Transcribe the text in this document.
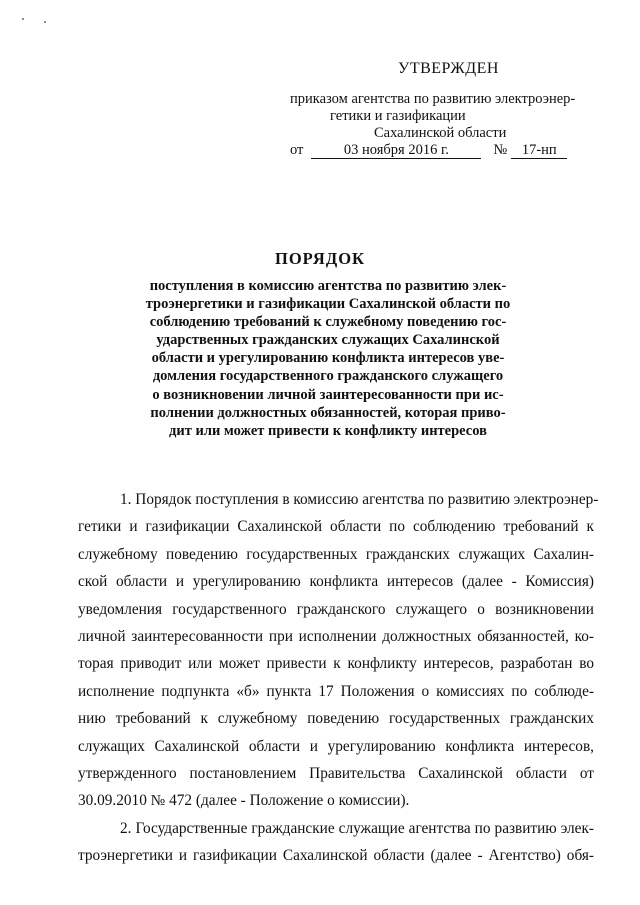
УТВЕРЖДЕН
приказом агентства по развитию электроэнер-
гетики и газификации
Сахалинской области
от	03 ноября 2016 г.	№ 17-нп
ПОРЯДОК
поступления в комиссию агентства по развитию элек-
троэнергетики и газификации Сахалинской области по
соблюдению требований к служебному поведению гос-
ударственных гражданских служащих Сахалинской
области и урегулированию конфликта интересов уве-
домления государственного гражданского служащего
о возникновении личной заинтересованности при ис-
полнении должностных обязанностей, которая приво-
дит или может привести к конфликту интересов
1. Порядок поступления в комиссию агентства по развитию электроэнер-
гетики и газификации Сахалинской области по соблюдению требований к
служебному поведению государственных гражданских служащих Сахалин-
ской области и урегулированию конфликта интересов (далее - Комиссия)
уведомления государственного гражданского служащего о возникновении
личной заинтересованности при исполнении должностных обязанностей, ко-
торая приводит или может привести к конфликту интересов, разработан во
исполнение подпункта «б» пункта 17 Положения о комиссиях по соблюде-
нию требований к служебному поведению государственных гражданских
служащих Сахалинской области и урегулированию конфликта интересов,
утвержденного постановлением Правительства Сахалинской области от
30.09.2010 № 472 (далее - Положение о комиссии).
2. Государственные гражданские служащие агентства по развитию элек-
троэнергетики и газификации Сахалинской области (далее - Агентство) обя-
